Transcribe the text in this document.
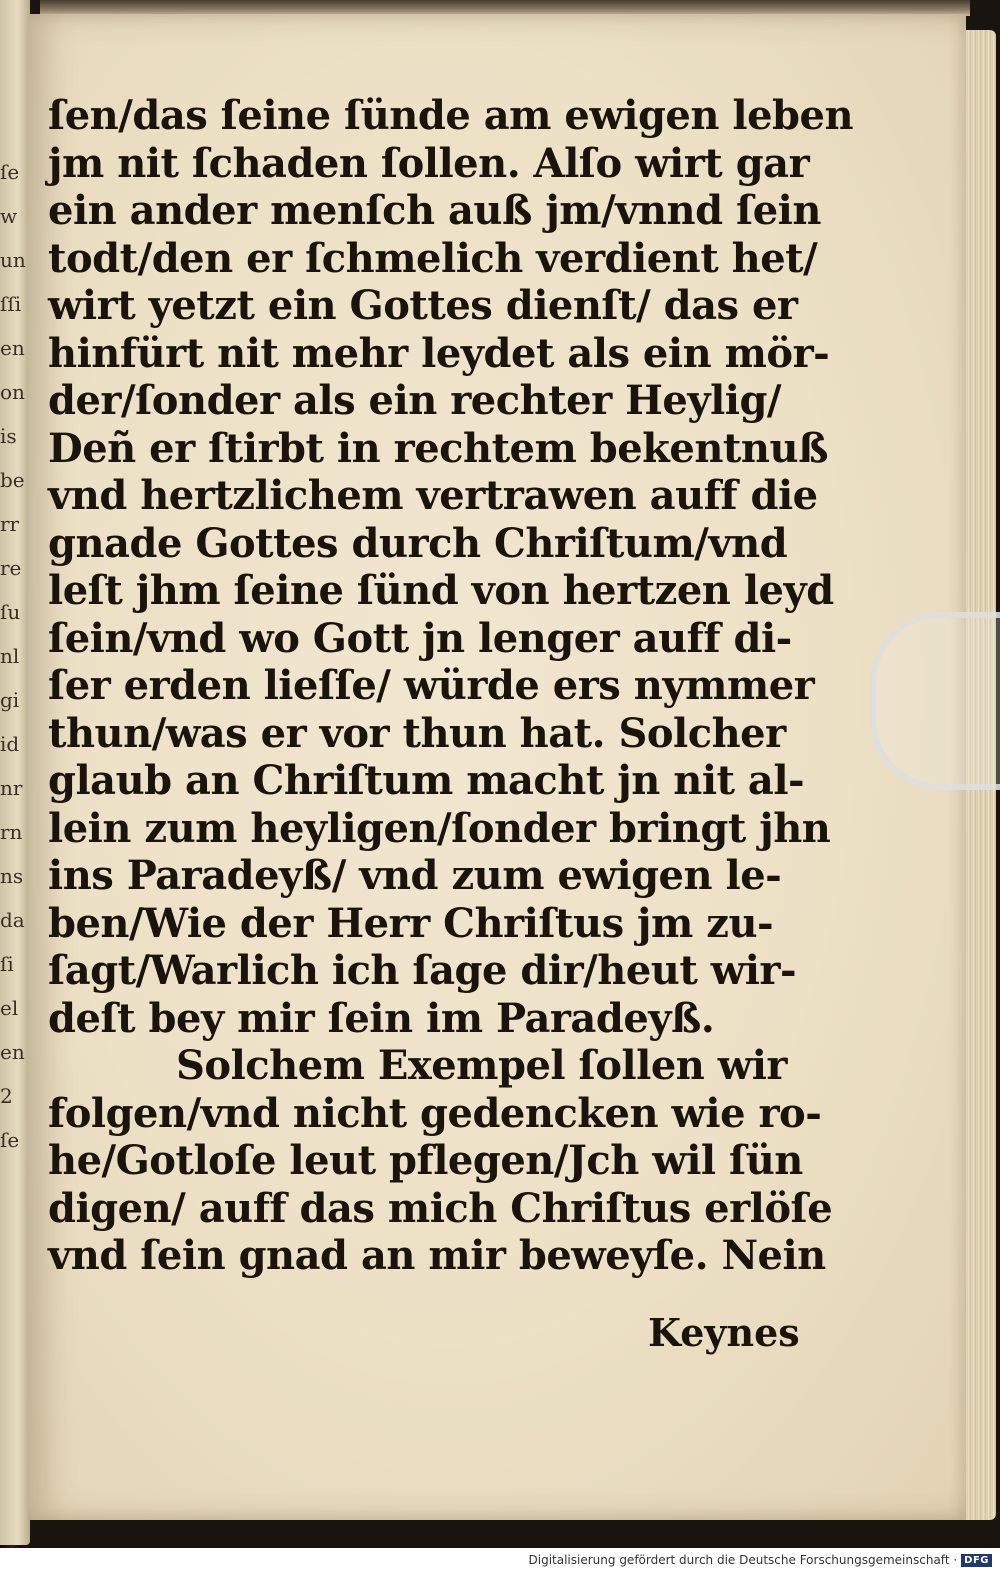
ſe
w
un
ſſi
en
on
is
be
rr
re
ſu
nl
gi
id
nr
rn
ns
da
ſi
el
en
2
ſe
ſen/das ſeine ſünde am ewigen leben
jm nit ſchaden ſollen. Alſo wirt gar
ein ander menſch auß jm/vnnd ſein
todt/den er ſchmelich verdient het/
wirt yetzt ein Gottes dienſt/ das er
hinfürt nit mehr leydet als ein mör-
der/ſonder als ein rechter Heylig/
Deñ er ſtirbt in rechtem bekentnuß
vnd hertzlichem vertrawen auff die
gnade Gottes durch Chriſtum/vnd
leſt jhm ſeine ſünd von hertzen leyd
ſein/vnd wo Gott jn lenger auff di-
ſer erden lieſſe/ würde ers nymmer
thun/was er vor thun hat. Solcher
glaub an Chriſtum macht jn nit al-
lein zum heyligen/ſonder bringt jhn
ins Paradeyß/ vnd zum ewigen le-
ben/Wie der Herr Chriſtus jm zu-
ſagt/Warlich ich ſage dir/heut wir-
deſt bey mir ſein im Paradeyß.
Solchem Exempel ſollen wir
folgen/vnd nicht gedencken wie ro-
he/Gotloſe leut pflegen/Jch wil ſün
digen/ auff das mich Chriſtus erlöſe
vnd ſein gnad an mir beweyſe. Nein
Keynes
Digitalisierung gefördert durch die Deutsche Forschungsgemeinschaft · DFG
